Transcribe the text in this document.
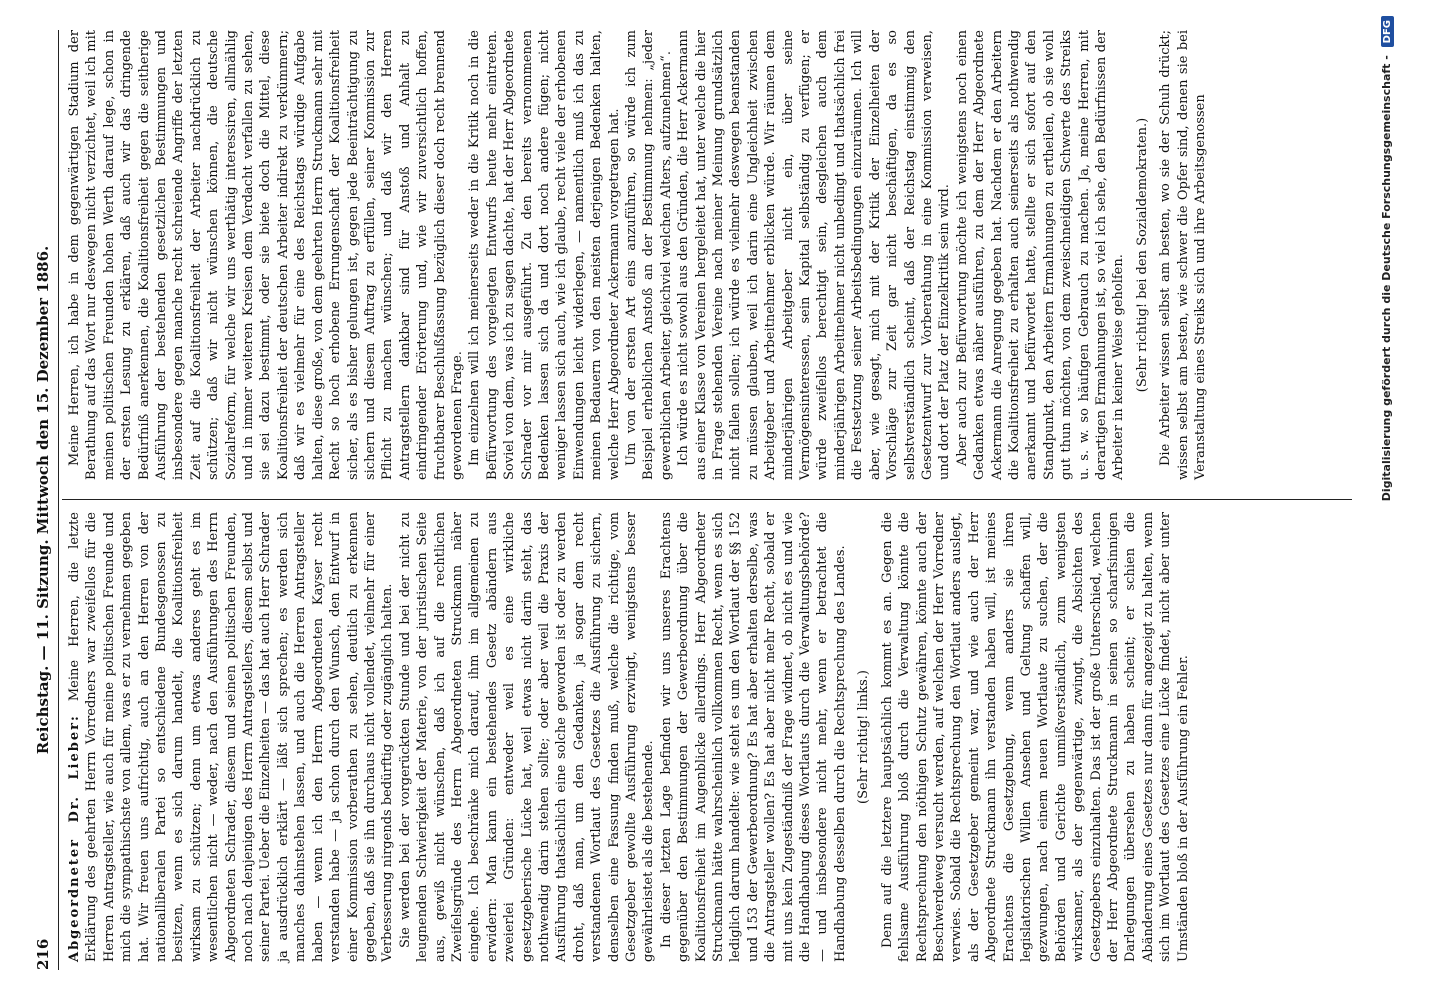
216
Reichstag. — 11. Sitzung. Mittwoch den 15. Dezember 1886.

Abgeordneter Dr. Lieber: Meine Herren, die letzte Erklärung des geehrten Herrn Vorredners war zweifellos für die Herren Antragsteller, wie auch für meine politischen Freunde und mich die sympathischste von allem, was er zu vernehmen gegeben hat. Wir freuen uns aufrichtig, auch an den Herren von der nationalliberalen Partei so entschiedene Bundesgenossen zu besitzen, wenn es sich darum handelt, die Koalitionsfreiheit wirksam zu schützen; denn um etwas anderes geht es im wesentlichen nicht — weder, nach den Ausführungen des Herrn Abgeordneten Schrader, diesem und seinen politischen Freunden, noch nach denjenigen des Herrn Antragstellers, diesem selbst und seiner Partei. Ueber die Einzelheiten — das hat auch Herr Schrader ja ausdrücklich erklärt — läßt sich sprechen; es werden sich manches dahinstehen lassen, und auch die Herren Antragsteller haben — wenn ich den Herrn Abgeordneten Kayser recht verstanden habe — ja schon durch den Wunsch, den Entwurf in einer Kommission vorberathen zu sehen, deutlich zu erkennen gegeben, daß sie ihn durchaus nicht vollendet, vielmehr für einer Verbesserung nirgends bedürftig oder zugänglich halten. Sie werden bei der vorgerückten Stunde und bei der nicht zu leugnenden Schwierigkeit der Materie, von der juristischen Seite aus, gewiß nicht wünschen, daß ich auf die rechtlichen Zweifelsgründe des Herrn Abgeordneten Struckmann näher eingehe. Ich beschränke mich darauf, ihm im allgemeinen zu erwidern: Man kann ein bestehendes Gesetz abändern aus zweierlei Gründen: entweder weil es eine wirkliche gesetzgeberische Lücke hat, weil etwas nicht darin steht, das nothwendig darin stehen sollte; oder aber weil die Praxis der Ausführung thatsächlich eine solche geworden ist oder zu werden droht, daß man, um den Gedanken, ja sogar dem recht verstandenen Wortlaut des Gesetzes die Ausführung zu sichern, denselben eine Fassung finden muß, welche die richtige, vom Gesetzgeber gewollte Ausführung erzwingt, wenigstens besser gewährleistet als die bestehende. In dieser letzten Lage befinden wir uns unseres Erachtens gegenüber den Bestimmungen der Gewerbeordnung über die Koalitionsfreiheit im Augenblicke allerdings. Herr Abgeordneter Struckmann hätte wahrscheinlich vollkommen Recht, wenn es sich lediglich darum handelte: wie steht es um den Wortlaut der §§ 152 und 153 der Gewerbeordnung? Es hat aber erhalten derselbe, was die Antragsteller wollen? Es hat aber nicht mehr Recht, sobald er mit uns kein Zugeständniß der Frage widmet, ob nicht es und wie die Handhabung dieses Wortlauts durch die Verwaltungsbehörde? — und insbesondere nicht mehr, wenn er betrachtet die Handhabung desselben durch die Rechtsprechung des Landes. (Sehr richtig! links.) Denn auf die letztere hauptsächlich kommt es an. Gegen die fehlsame Ausführung bloß durch die Verwaltung könnte die Rechtsprechung den nöthigen Schutz gewähren, könnte auch der Beschwerdeweg versucht werden, auf welchen der Herr Vorredner verwies. Sobald die Rechtsprechung den Wortlaut anders auslegt, als der Gesetzgeber gemeint war, und wie auch der Herr Abgeordnete Struckmann ihn verstanden haben will, ist meines Erachtens die Gesetzgebung, wenn anders sie ihren legislatorischen Willen Ansehen und Geltung schaffen will, gezwungen, nach einem neuen Wortlaute zu suchen, der die Behörden und Gerichte unmißverständlich, zum wenigsten wirksamer, als der gegenwärtige, zwingt, die Absichten des Gesetzgebers einzuhalten. Das ist der große Unterschied, welchen der Herr Abgeordnete Struckmann in seinen so scharfsinnigen Darlegungen übersehen zu haben scheint; er schien die Abänderung eines Gesetzes nur dann für angezeigt zu halten, wenn sich im Wortlaut des Gesetzes eine Lücke findet, nicht aber unter Umständen bloß in der Ausführung ein Fehler.

Meine Herren, ich habe in dem gegenwärtigen Stadium der Berathung auf das Wort nur deswegen nicht verzichtet, weil ich mit meinen politischen Freunden hohen Werth darauf lege, schon in der ersten Lesung zu erklären, daß auch wir das dringende Bedürfniß anerkennen, die Koalitionsfreiheit gegen die seitherige Ausführung der bestehenden gesetzlichen Bestimmungen und insbesondere gegen manche recht schreiende Angriffe der letzten Zeit auf die Koalitionsfreiheit der Arbeiter nachdrücklich zu schützen; daß wir nicht wünschen können, die deutsche Sozialreform, für welche wir uns werthätig interessiren, allmählig und in immer weiteren Kreisen dem Verdacht verfallen zu sehen, sie sei dazu bestimmt, oder sie biete doch die Mittel, diese Koalitionsfreiheit der deutschen Arbeiter indirekt zu verkümmern; daß wir es vielmehr für eine des Reichstags würdige Aufgabe halten, diese große, von dem geehrten Herrn Struckmann sehr mit Recht so hoch erhobene Errungenschaft der Koalitionsfreiheit sicher, als es bisher gelungen ist, gegen jede Beeinträchtigung zu sichern und diesem Auftrag zu erfüllen, seiner Kommission zur Pflicht zu machen wünschen; und daß wir den Herren Antragstellern dankbar sind für Anstoß und Anhalt zu eindringender Erörterung und, wie wir zuversichtlich hoffen, fruchtbarer Beschlußfassung bezüglich dieser doch recht brennend gewordenen Frage. Im einzelnen will ich meinerseits weder in die Kritik noch in die Befürwortung des vorgelegten Entwurfs heute mehr eintreten. Soviel von dem, was ich zu sagen dachte, hat der Herr Abgeordnete Schrader vor mir ausgeführt. Zu den bereits vernommenen Bedenken lassen sich da und dort noch andere fügen; nicht weniger lassen sich auch, wie ich glaube, recht viele der erhobenen Einwendungen leicht widerlegen, — namentlich muß ich das zu meinen Bedauern von den meisten derjenigen Bedenken halten, welche Herr Abgeordneter Ackermann vorgetragen hat. Um von der ersten Art eins anzuführen, so würde ich zum Beispiel erheblichen Anstoß an der Bestimmung nehmen: „jeder gewerblichen Arbeiter, gleichviel welchen Alters, aufzunehmen“. Ich würde es nicht sowohl aus den Gründen, die Herr Ackermann aus einer Klasse von Vereinen hergeleitet hat, unter welche die hier in Frage stehenden Vereine nach meiner Meinung grundsätzlich nicht fallen sollen; ich würde es vielmehr deswegen beanstanden zu müssen glauben, weil ich darin eine Ungleichheit zwischen Arbeitgeber und Arbeitnehmer erblicken würde. Wir räumen dem minderjährigen Arbeitgeber nicht ein, über seine Vermögensinteressen, sein Kapital selbständig zu verfügen; er würde zweifellos berechtigt sein, desgleichen auch dem minderjährigen Arbeitnehmer nicht unbedingt und thatsächlich frei die Festsetzung seiner Arbeitsbedingungen einzuräumen. Ich will aber, wie gesagt, mich mit der Kritik der Einzelheiten der Vorschläge zur Zeit gar nicht beschäftigen, da es so selbstverständlich scheint, daß der Reichstag einstimmig den Gesetzentwurf zur Vorberathung in eine Kommission verweisen, und dort der Platz der Einzelkritik sein wird. Aber auch zur Befürwortung möchte ich wenigstens noch einen Gedanken etwas näher ausführen, zu dem der Herr Abgeordnete Ackermann die Anregung gegeben hat. Nachdem er den Arbeitern die Koalitionsfreiheit zu erhalten auch seinerseits als nothwendig anerkannt und befürwortet hatte, stellte er sich sofort auf den Standpunkt, den Arbeitern Ermahnungen zu ertheilen, ob sie wohl gut thun möchten, von dem zweischneidigen Schwerte des Streiks u. s. w. so häufigen Gebrauch zu machen. Ja, meine Herren, mit derartigen Ermahnungen ist, so viel ich sehe, den Bedürfnissen der Arbeiter in keiner Weise geholfen. (Sehr richtig! bei den Sozialdemokraten.) Die Arbeiter wissen selbst am besten, wo sie der Schuh drückt; wissen selbst am besten, wie schwer die Opfer sind, denen sie bei Veranstaltung eines Streiks sich und ihre Arbeitsgenossen	Digitalisierung gefördert durch die Deutsche Forschungsgemeinschaft - DFG
